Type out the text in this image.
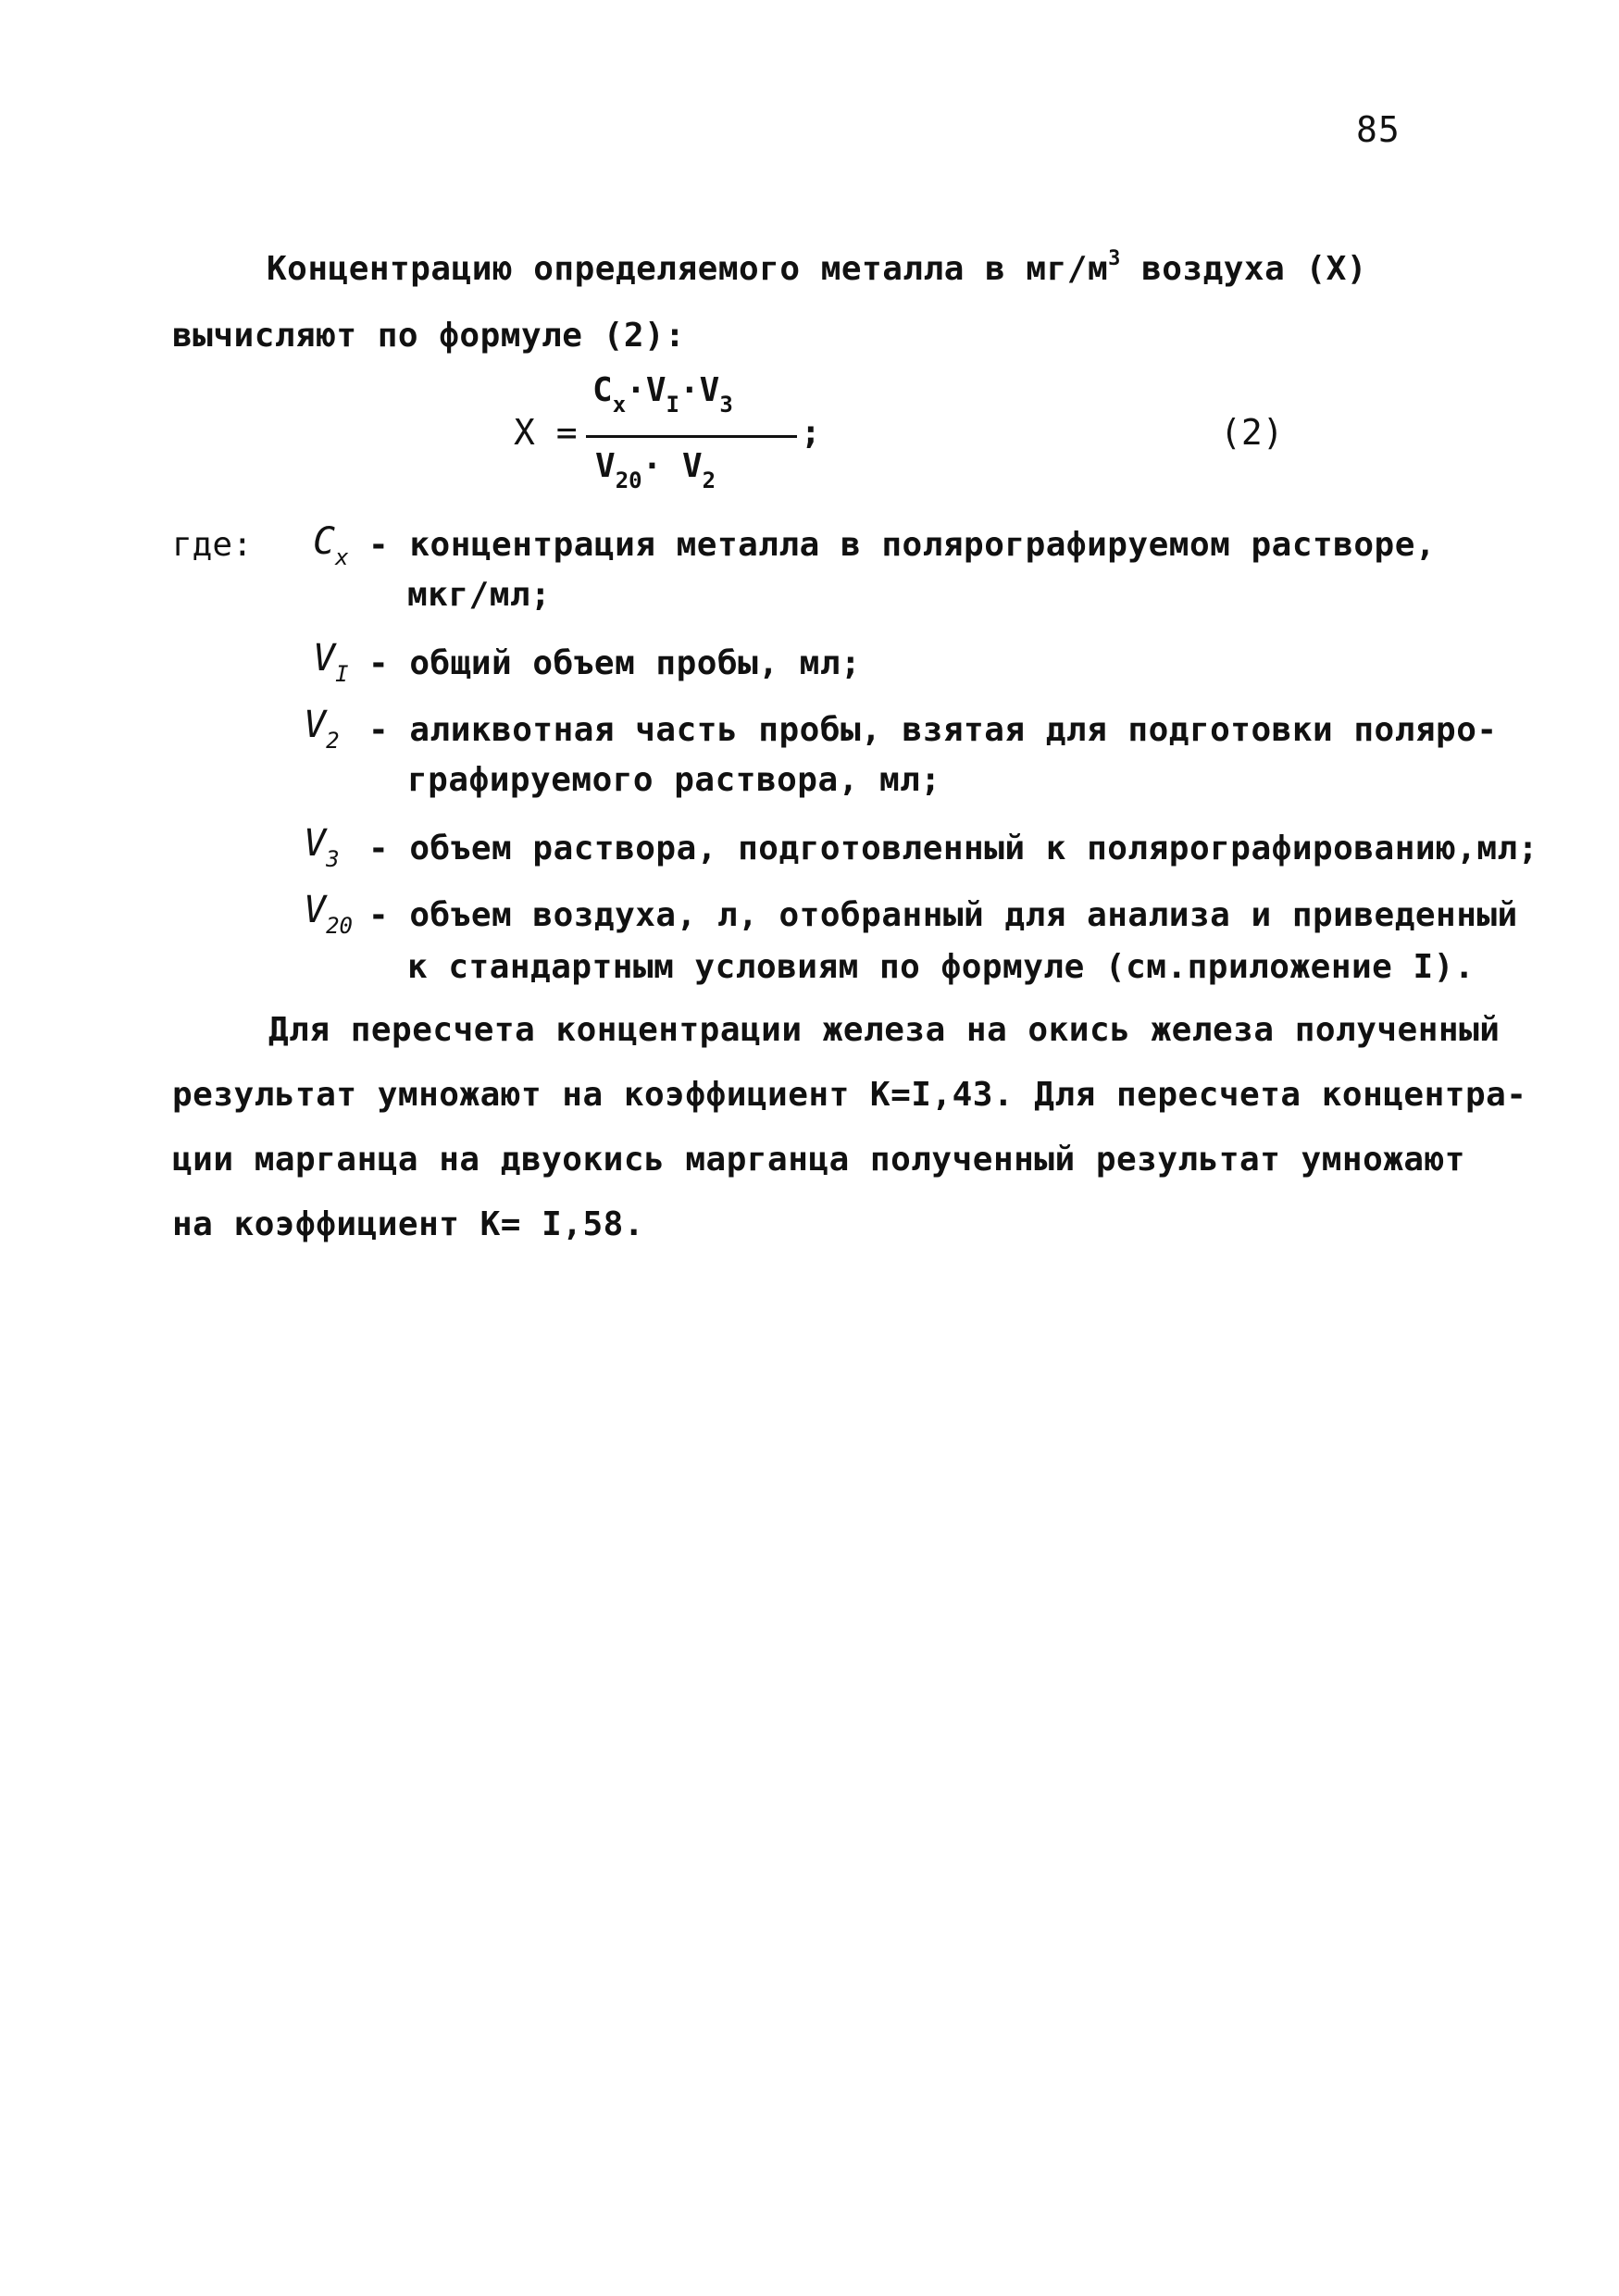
85
Концентрацию определяемого металла в $мг/м^3$ воздуха (X)
вычисляют по формуле (2):
X =
$C_x\cdot V_I\cdot V_3$
$V_{20}\cdot V_2$
;	(2)
где: $C_x$ - концентрация металла в полярографируемом растворе,
мкг/мл;
$V_I$ - общий объем пробы, мл;
$V_2$ - аликвотная часть пробы, взятая для подготовки поляро-
графируемого раствора, мл;
$V_3$ - объем раствора, подготовленный к полярографированию,мл;
$V_{20}$ - объем воздуха, л, отобранный для анализа и приведенный
к стандартным условиям по формуле (см.приложение I).
Для пересчета концентрации железа на окись железа полученный
результат умножают на коэффициент К=I,43. Для пересчета концентра-
ции марганца на двуокись марганца полученный результат умножают
на коэффициент К= I,58.
